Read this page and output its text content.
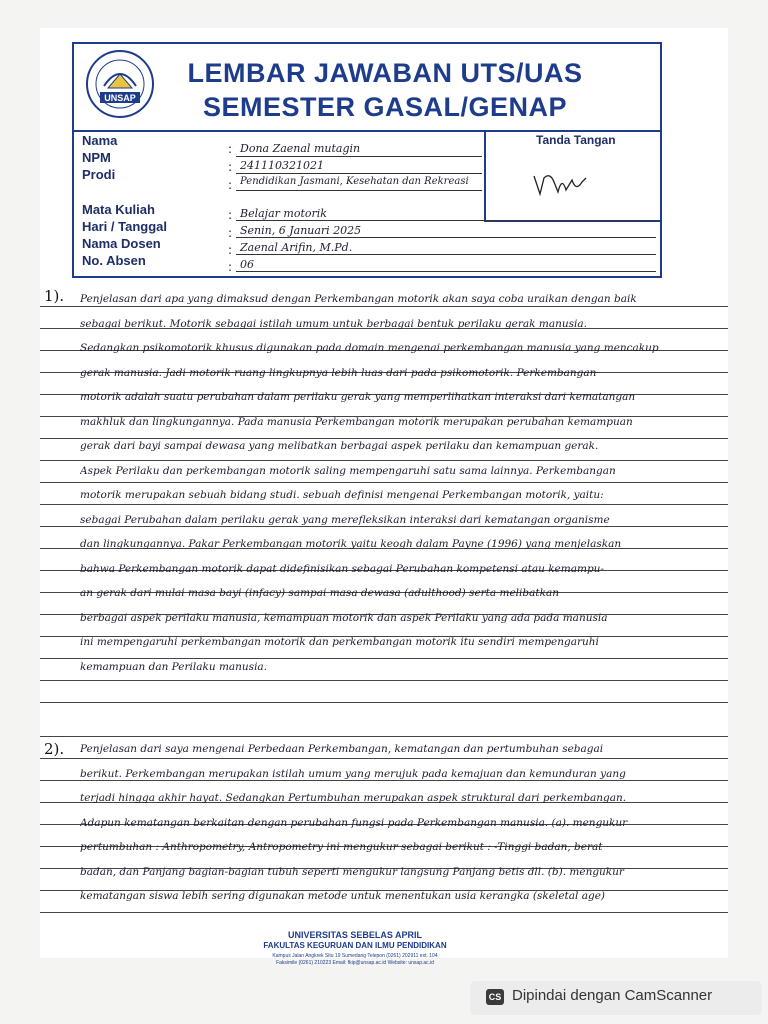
UNSAP
LEMBAR JAWABAN UTS/UAS
SEMESTER GASAL/GENAP
Tanda Tangan
Nama
NPM
Prodi
Mata Kuliah
Hari / Tanggal
Nama Dosen
No. Absen
:
:
:
:
:
:
:
Dona Zaenal mutagin
241110321021
Pendidikan Jasmani, Kesehatan dan Rekreasi
Belajar motorik
Senin, 6 Januari 2025
Zaenal Arifin, M.Pd.
06
1). Penjelasan dari apa yang dimaksud dengan Perkembangan motorik akan saya coba uraikan dengan baik
sebagai berikut. Motorik sebagai istilah umum untuk berbagai bentuk perilaku gerak manusia.
Sedangkan psikomotorik khusus digunakan pada domain mengenai perkembangan manusia yang mencakup
gerak manusia. Jadi motorik ruang lingkupnya lebih luas dari pada psikomotorik. Perkembangan
motorik adalah suatu perubahan dalam perilaku gerak yang memperlihatkan interaksi dari kematangan
makhluk dan lingkungannya. Pada manusia Perkembangan motorik merupakan perubahan kemampuan
gerak dari bayi sampai dewasa yang melibatkan berbagai aspek perilaku dan kemampuan gerak.
Aspek Perilaku dan perkembangan motorik saling mempengaruhi satu sama lainnya. Perkembangan
motorik merupakan sebuah bidang studi. sebuah definisi mengenai Perkembangan motorik, yaitu:
sebagai Perubahan dalam perilaku gerak yang merefleksikan interaksi dari kematangan organisme
dan lingkungannya. Pakar Perkembangan motorik yaitu keogh dalam Payne (1996) yang menjelaskan
bahwa Perkembangan motorik dapat didefinisikan sebagai Perubahan kompetensi atau kemampu-
an gerak dari mulai masa bayi (infacy) sampai masa dewasa (adulthood) serta melibatkan
berbagai aspek perilaku manusia, kemampuan motorik dan aspek Perilaku yang ada pada manusia
ini mempengaruhi perkembangan motorik dan perkembangan motorik itu sendiri mempengaruhi
kemampuan dan Perilaku manusia.
2). Penjelasan dari saya mengenai Perbedaan Perkembangan, kematangan dan pertumbuhan sebagai
berikut. Perkembangan merupakan istilah umum yang merujuk pada kemajuan dan kemunduran yang
terjadi hingga akhir hayat. Sedangkan Pertumbuhan merupakan aspek struktural dari perkembangan.
Adapun kematangan berkaitan dengan perubahan fungsi pada Perkembangan manusia. (a). mengukur
pertumbuhan : Anthropometry, Antropometry ini mengukur sebagai berikut : -Tinggi badan, berat
badan, dan Panjang bagian-bagian tubuh seperti mengukur langsung Panjang betis dll. (b). mengukur
kematangan siswa lebih sering digunakan metode untuk menentukan usia kerangka (skeletal age)
UNIVERSITAS SEBELAS APRIL
FAKULTAS KEGURUAN DAN ILMU PENDIDIKAN
Kampus Jalan Angkrek Situ 19 Sumedang Telepon (0261) 202911 ext. 104
Faksimile (0261) 210223 Email: fkip@unsap.ac.id Website: unsap.ac.id
CS Dipindai dengan CamScanner
